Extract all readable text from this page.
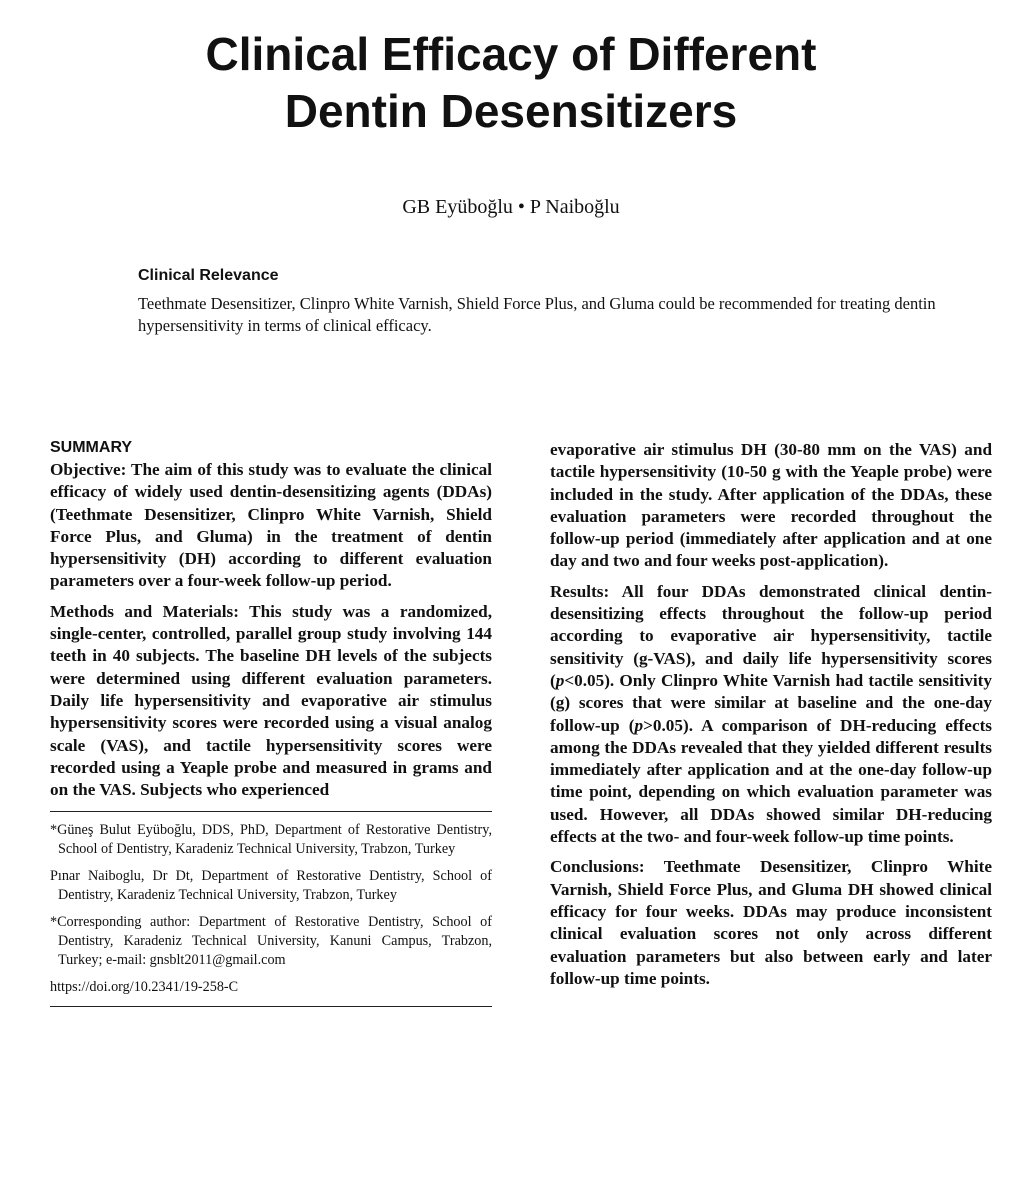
Clinical Efficacy of Different
Dentin Desensitizers
GB Eyüboğlu • P Naiboğlu
Clinical Relevance
Teethmate Desensitizer, Clinpro White Varnish, Shield Force Plus, and Gluma could be recommended for treating dentin hypersensitivity in terms of clinical efficacy.
SUMMARY

Objective: The aim of this study was to evaluate the clinical efficacy of widely used dentin-desensitizing agents (DDAs) (Teethmate Desensitizer, Clinpro White Varnish, Shield Force Plus, and Gluma) in the treatment of dentin hypersensitivity (DH) according to different evaluation parameters over a four-week follow-up period.

Methods and Materials: This study was a randomized, single-center, controlled, parallel group study involving 144 teeth in 40 subjects. The baseline DH levels of the subjects were determined using different evaluation parameters. Daily life hypersensitivity and evaporative air stimulus hypersensitivity scores were recorded using a visual analog scale (VAS), and tactile hypersensitivity scores were recorded using a Yeaple probe and measured in grams and on the VAS. Subjects who experienced

*Güneş Bulut Eyüboğlu, DDS, PhD, Department of Restorative Dentistry, School of Dentistry, Karadeniz Technical University, Trabzon, Turkey

Pınar Naiboglu, Dr Dt, Department of Restorative Dentistry, School of Dentistry, Karadeniz Technical University, Trabzon, Turkey

*Corresponding author: Department of Restorative Dentistry, School of Dentistry, Karadeniz Technical University, Kanuni Campus, Trabzon, Turkey; e-mail: gnsblt2011@gmail.com

https://doi.org/10.2341/19-258-C

evaporative air stimulus DH (30-80 mm on the VAS) and tactile hypersensitivity (10-50 g with the Yeaple probe) were included in the study. After application of the DDAs, these evaluation parameters were recorded throughout the follow-up period (immediately after application and at one day and two and four weeks post-application).

Results: All four DDAs demonstrated clinical dentin-desensitizing effects throughout the follow-up period according to evaporative air hypersensitivity, tactile sensitivity (g-VAS), and daily life hypersensitivity scores (p<0.05). Only Clinpro White Varnish had tactile sensitivity (g) scores that were similar at baseline and the one-day follow-up (p>0.05). A comparison of DH-reducing effects among the DDAs revealed that they yielded different results immediately after application and at the one-day follow-up time point, depending on which evaluation parameter was used. However, all DDAs showed similar DH-reducing effects at the two- and four-week follow-up time points.

Conclusions: Teethmate Desensitizer, Clinpro White Varnish, Shield Force Plus, and Gluma DH showed clinical efficacy for four weeks. DDAs may produce inconsistent clinical evaluation scores not only across different evaluation parameters but also between early and later follow-up time points.
